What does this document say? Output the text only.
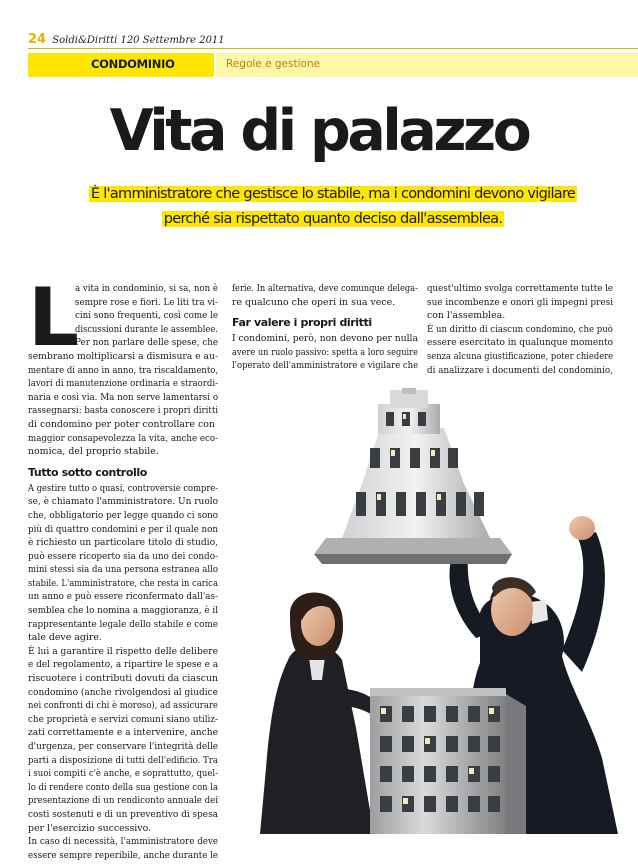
24 Soldi&Diritti 120 Settembre 2011
CONDOMINIO	Regole e gestione
Vita di palazzo
È l'amministratore che gestisce lo stabile, ma i condomini devono vigilare
perché sia rispettato quanto deciso dall'assemblea.
L
a vita in condominio, si sa, non è
sempre rose e fiori. Le liti tra vi-
cini sono frequenti, così come le
discussioni durante le assemblee.
Per non parlare delle spese, che
sembrano moltiplicarsi a dismisura e au-
mentare di anno in anno, tra riscaldamento,
lavori di manutenzione ordinaria e straordi-
naria e così via. Ma non serve lamentarsi o
rassegnarsi: basta conoscere i propri diritti
di condomino per poter controllare con
maggior consapevolezza la vita, anche eco-
nomica, del proprio stabile.
Tutto sotto controllo
A gestire tutto o quasi, controversie compre-
se, è chiamato l'amministratore. Un ruolo
che, obbligatorio per legge quando ci sono
più di quattro condomini e per il quale non
è richiesto un particolare titolo di studio,
può essere ricoperto sia da uno dei condo-
mini stessi sia da una persona estranea allo
stabile. L'amministratore, che resta in carica
un anno e può essere riconfermato dall'as-
semblea che lo nomina a maggioranza, è il
rappresentante legale dello stabile e come
tale deve agire.
È lui a garantire il rispetto delle delibere
e del regolamento, a ripartire le spese e a
riscuotere i contributi dovuti da ciascun
condomino (anche rivolgendosi al giudice
nei confronti di chi è moroso), ad assicurare
che proprietà e servizi comuni siano utiliz-
zati correttamente e a intervenire, anche
d'urgenza, per conservare l'integrità delle
parti a disposizione di tutti dell'edificio. Tra
i suoi compiti c'è anche, e soprattutto, quel-
lo di rendere conto della sua gestione con la
presentazione di un rendiconto annuale dei
costi sostenuti e di un preventivo di spesa
per l'esercizio successivo.
In caso di necessità, l'amministratore deve
essere sempre reperibile, anche durante le
ferie. In alternativa, deve comunque delega-
re qualcuno che operi in sua vece.
Far valere i propri diritti
I condomini, però, non devono per nulla
avere un ruolo passivo: spetta a loro seguire
l'operato dell'amministratore e vigilare che
quest'ultimo svolga correttamente tutte le
sue incombenze e onori gli impegni presi
con l'assemblea.
È un diritto di ciascun condomino, che può
essere esercitato in qualunque momento
senza alcuna giustificazione, poter chiedere
di analizzare i documenti del condominio,
